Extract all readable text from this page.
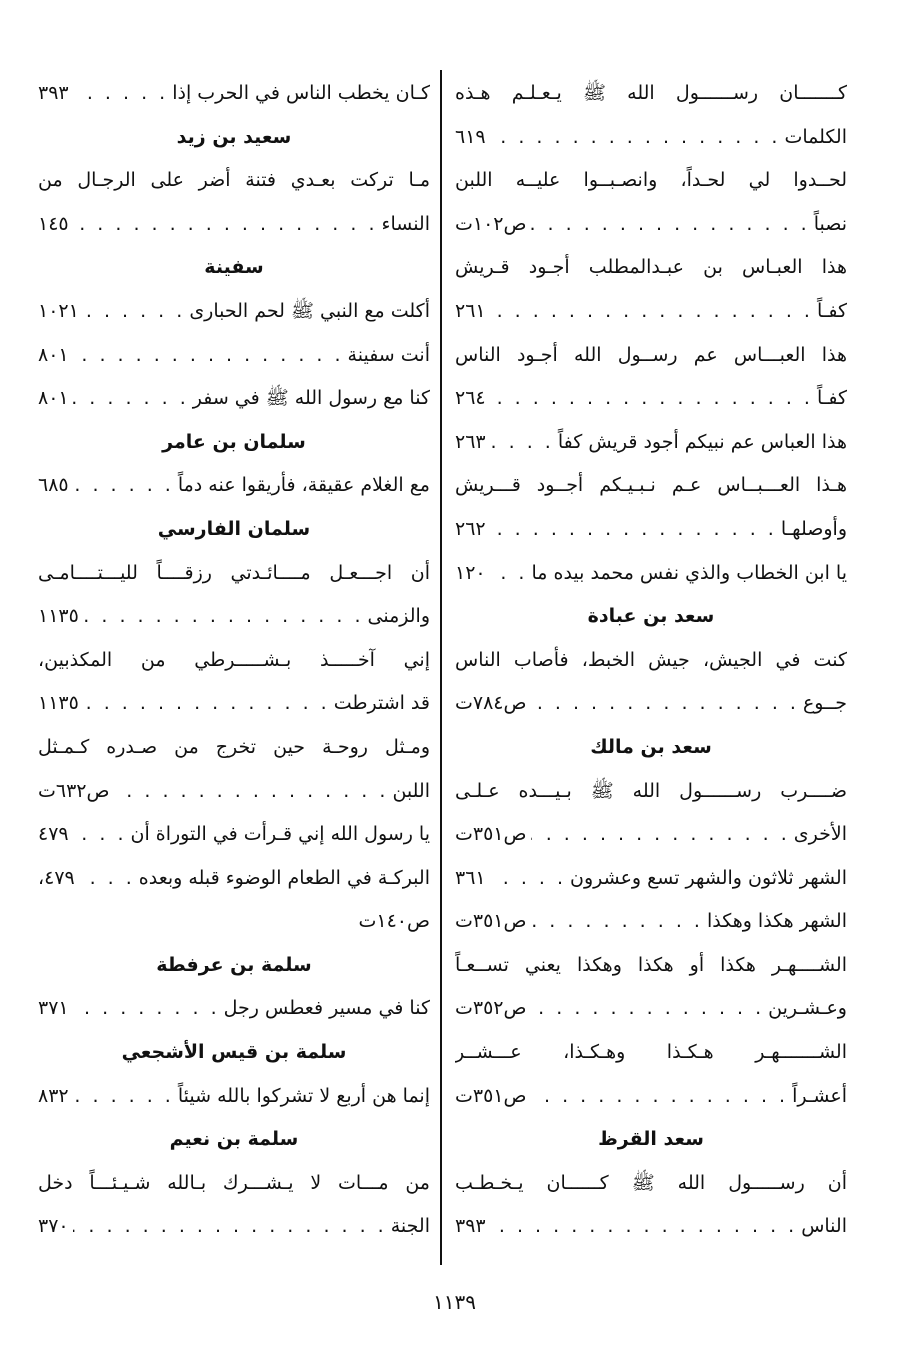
كـــــــان رســــــول الله ﷺ يـعـلـم هـذه
الكلمات
. . .
٦١٩
لحــدوا لي لحـداً، وانصـبــوا عليــه اللبن
نصباً
. . .
ص١٠٢ت
هذا العبـاس بن عبـدالمطلب أجـود قـريش
كفـاً
. . .
٢٦١
هذا العبـــاس عم رســول الله أجـود الناس
كفـاً
. . .
٢٦٤
هذا العباس عم نبيكم أجود قريش كفاً
. . .
٢٦٣
هـذا العـــبــاس عـم نـبـيـكم أجــود قـــريش
وأوصلهـا
. . .
٢٦٢
يا ابن الخطاب والذي نفس محمد بيده ما
. . .
١٢٠
سعد بن عبادة
كنت في الجيش، جيش الخبط، فأصاب الناس
جــوع
. . .
ص٧٨٤ت
سعد بن مالك
ضــــرب رســــــول الله ﷺ بـيـــده عـلـى
الأخرى
. . .
ص٣٥١ت
الشهر ثلاثون والشهر تسع وعشرون
. . .
٣٦١
الشهر هكذا وهكذا
. . .
ص٣٥١ت
الشــــهـر هكذا أو هكذا وهكذا يعني تســعـاً
وعـشـرين
. . .
ص٣٥٢ت
الشـــــــهـر هـكـذا وهـكـذا، عـــشــر
أعشـراً
. . .
ص٣٥١ت
سعد القرظ
أن رســـــول الله ﷺ كــــــان يـخـطـب
الناس
. . .
٣٩٣
كـان يخطب الناس في الحرب إذا
. . .
٣٩٣
سعيد بن زيد
مـا تركت بعـدي فتنة أضر على الرجـال من
النساء
. . .
١٤٥
سفينة
أكلت مع النبي ﷺ لحم الحبارى
. . .
١٠٢١
أنت سفينة
. . .
٨٠١
كنا مع رسول الله ﷺ في سفر
. . .
٨٠١
سلمان بن عامر
مع الغلام عقيقة، فأريقوا عنه دماً
. . .
٦٨٥
سلمان الفارسي
أن اجـــعـل مــــائـدتي رزقــــاً لليـــتــــامـى
والزمنى
. . .
١١٣٥
إني آخـــــذ بـشـــــرطي من المكذبين،
قد اشترطت
. . .
١١٣٥
ومـثل روحـة حين تخرج من صـدره كـمـثل
اللبن
. . .
ص٦٣٢ت
يا رسول الله إني قـرأت في التوراة أن
. . .
٤٧٩
البركـة في الطعام الوضوء قبله وبعده
. . .
٤٧٩،
ص١٤٠ت
سلمة بن عرفطة
كنا في مسير فعطس رجل
. . .
٣٧١
سلمة بن قيس الأشجعي
إنما هن أربع لا تشركوا بالله شيئاً
. . .
٨٣٢
سلمة بن نعيم
من مـــات لا يـشـــرك بـالله شـيـئـــاً دخل
الجنة
. . .
٣٧٠
١١٣٩
